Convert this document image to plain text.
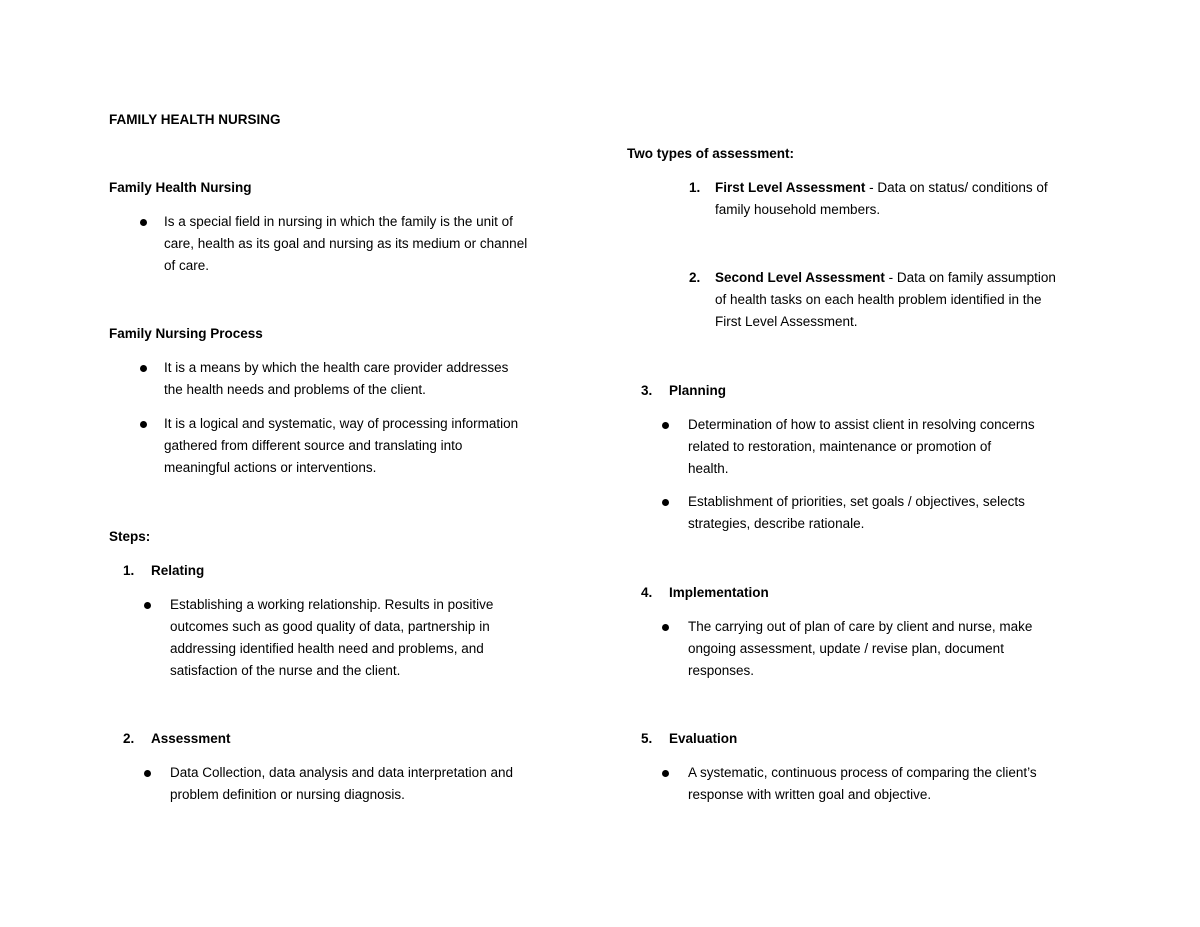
FAMILY HEALTH NURSING
Family Health Nursing
Is a special field in nursing in which the family is the unit of
care, health as its goal and nursing as its medium or channel
of care.
Family Nursing Process
It is a means by which the health care provider addresses
the health needs and problems of the client.
It is a logical and systematic, way of processing information
gathered from different source and translating into
meaningful actions or interventions.
Steps:
1. Relating
Establishing a working relationship. Results in positive
outcomes such as good quality of data, partnership in
addressing identified health need and problems, and
satisfaction of the nurse and the client.
2. Assessment
Data Collection, data analysis and data interpretation and
problem definition or nursing diagnosis.
Two types of assessment:
1. First Level Assessment - Data on status/ conditions of
family household members.
2. Second Level Assessment - Data on family assumption
of health tasks on each health problem identified in the
First Level Assessment.
3. Planning
Determination of how to assist client in resolving concerns
related to restoration, maintenance or promotion of
health.
Establishment of priorities, set goals / objectives, selects
strategies, describe rationale.
4. Implementation
The carrying out of plan of care by client and nurse, make
ongoing assessment, update / revise plan, document
responses.
5. Evaluation
A systematic, continuous process of comparing the client’s
response with written goal and objective.
